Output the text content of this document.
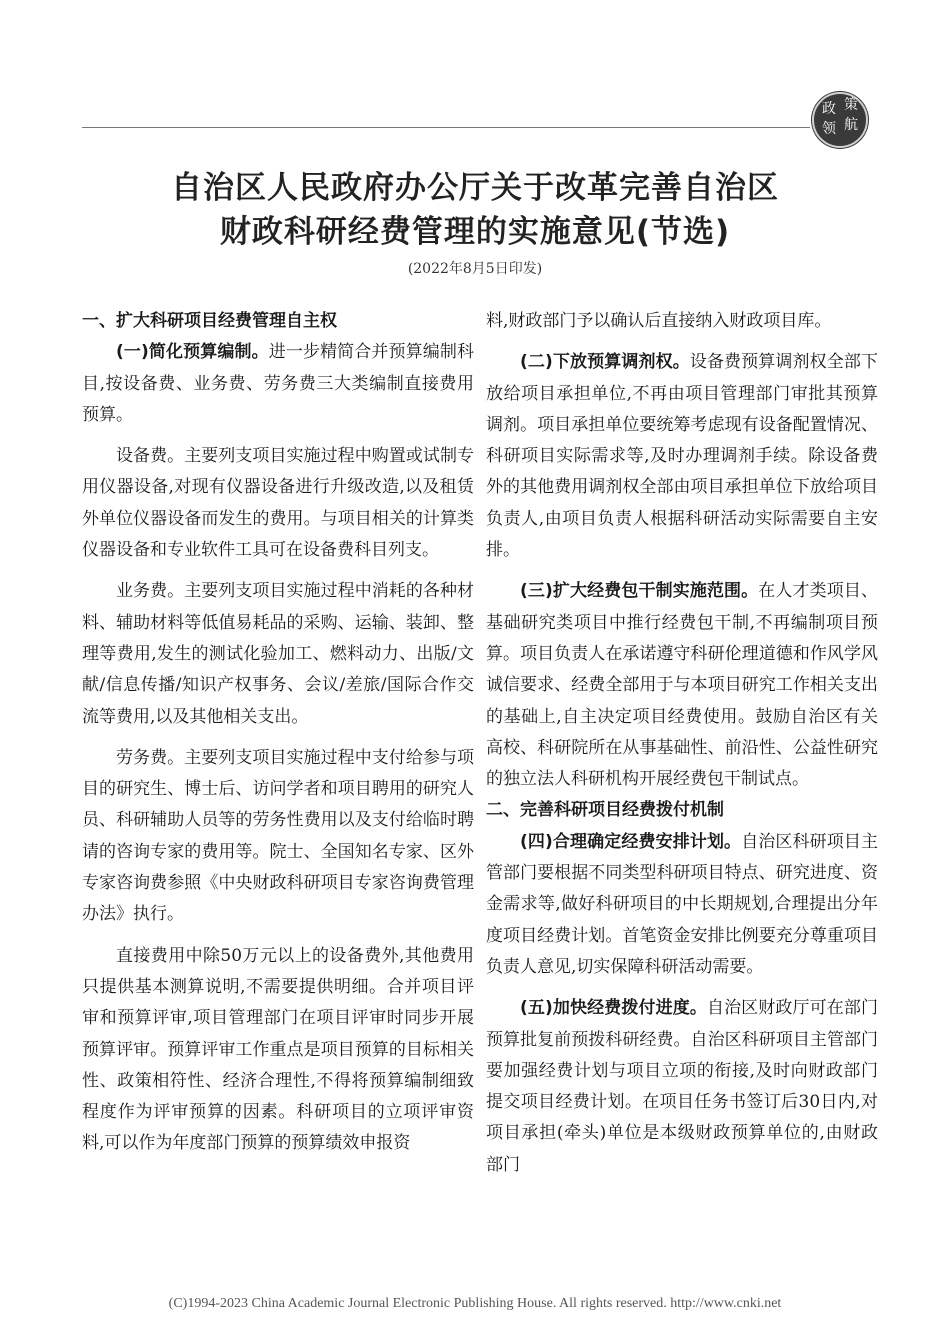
政 策
领 航
自治区人民政府办公厅关于改革完善自治区
财政科研经费管理的实施意见(节选)
(2022年8月5日印发)
一、扩大科研项目经费管理自主权

(一)简化预算编制。进一步精简合并预算编制科目,按设备费、业务费、劳务费三大类编制直接费用预算。

设备费。主要列支项目实施过程中购置或试制专用仪器设备,对现有仪器设备进行升级改造,以及租赁外单位仪器设备而发生的费用。与项目相关的计算类仪器设备和专业软件工具可在设备费科目列支。

业务费。主要列支项目实施过程中消耗的各种材料、辅助材料等低值易耗品的采购、运输、装卸、整理等费用,发生的测试化验加工、燃料动力、出版/文献/信息传播/知识产权事务、会议/差旅/国际合作交流等费用,以及其他相关支出。

劳务费。主要列支项目实施过程中支付给参与项目的研究生、博士后、访问学者和项目聘用的研究人员、科研辅助人员等的劳务性费用以及支付给临时聘请的咨询专家的费用等。院士、全国知名专家、区外专家咨询费参照《中央财政科研项目专家咨询费管理办法》执行。

直接费用中除50万元以上的设备费外,其他费用只提供基本测算说明,不需要提供明细。合并项目评审和预算评审,项目管理部门在项目评审时同步开展预算评审。预算评审工作重点是项目预算的目标相关性、政策相符性、经济合理性,不得将预算编制细致程度作为评审预算的因素。科研项目的立项评审资料,可以作为年度部门预算的预算绩效申报资

料,财政部门予以确认后直接纳入财政项目库。

(二)下放预算调剂权。设备费预算调剂权全部下放给项目承担单位,不再由项目管理部门审批其预算调剂。项目承担单位要统筹考虑现有设备配置情况、科研项目实际需求等,及时办理调剂手续。除设备费外的其他费用调剂权全部由项目承担单位下放给项目负责人,由项目负责人根据科研活动实际需要自主安排。

(三)扩大经费包干制实施范围。在人才类项目、基础研究类项目中推行经费包干制,不再编制项目预算。项目负责人在承诺遵守科研伦理道德和作风学风诚信要求、经费全部用于与本项目研究工作相关支出的基础上,自主决定项目经费使用。鼓励自治区有关高校、科研院所在从事基础性、前沿性、公益性研究的独立法人科研机构开展经费包干制试点。

二、完善科研项目经费拨付机制

(四)合理确定经费安排计划。自治区科研项目主管部门要根据不同类型科研项目特点、研究进度、资金需求等,做好科研项目的中长期规划,合理提出分年度项目经费计划。首笔资金安排比例要充分尊重项目负责人意见,切实保障科研活动需要。

(五)加快经费拨付进度。自治区财政厅可在部门预算批复前预拨科研经费。自治区科研项目主管部门要加强经费计划与项目立项的衔接,及时向财政部门提交项目经费计划。在项目任务书签订后30日内,对项目承担(牵头)单位是本级财政预算单位的,由财政部门

(C)1994-2023 China Academic Journal Electronic Publishing House. All rights reserved. http://www.cnki.net
